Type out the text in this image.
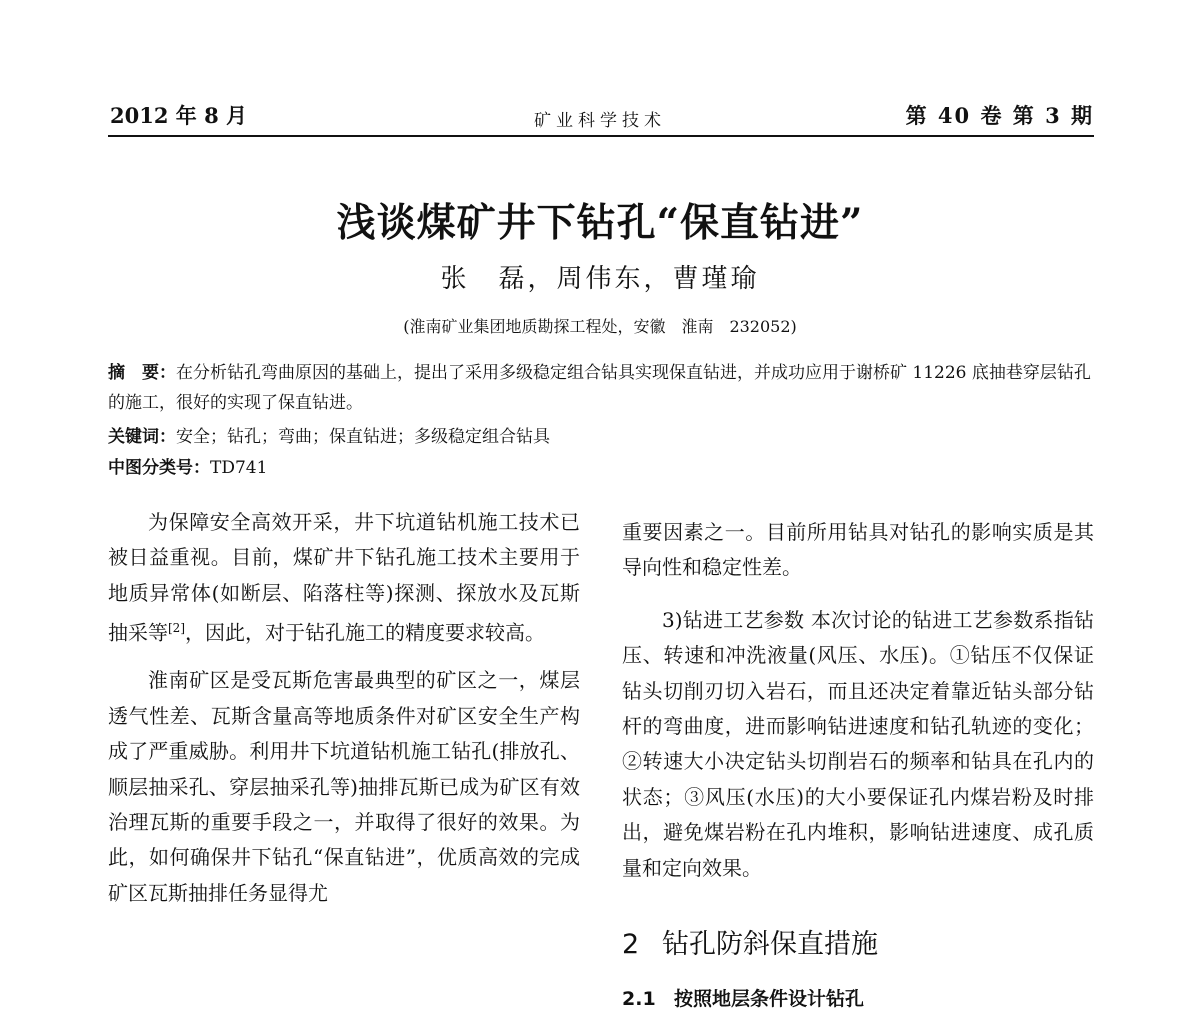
2012 年 8 月	矿业科学技术	第 40 卷 第 3 期
浅谈煤矿井下钻孔“保直钻进”
张　磊，周伟东，曹瑾瑜
(淮南矿业集团地质勘探工程处，安徽　淮南　232052)
摘　要：在分析钻孔弯曲原因的基础上，提出了采用多级稳定组合钻具实现保直钻进，并成功应用于谢桥矿 11226 底抽巷穿层钻孔的施工，很好的实现了保直钻进。
关键词：安全；钻孔；弯曲；保直钻进；多级稳定组合钻具
中图分类号：TD741

为保障安全高效开采，井下坑道钻机施工技术已被日益重视。目前，煤矿井下钻孔施工技术主要用于地质异常体(如断层、陷落柱等)探测、探放水及瓦斯抽采等[2]，因此，对于钻孔施工的精度要求较高。

淮南矿区是受瓦斯危害最典型的矿区之一，煤层透气性差、瓦斯含量高等地质条件对矿区安全生产构成了严重威胁。利用井下坑道钻机施工钻孔(排放孔、顺层抽采孔、穿层抽采孔等)抽排瓦斯已成为矿区有效治理瓦斯的重要手段之一，并取得了很好的效果。为此，如何确保井下钻孔“保直钻进”，优质高效的完成矿区瓦斯抽排任务显得尤

重要因素之一。目前所用钻具对钻孔的影响实质是其导向性和稳定性差。

3)钻进工艺参数 本次讨论的钻进工艺参数系指钻压、转速和冲洗液量(风压、水压)。①钻压不仅保证钻头切削刃切入岩石，而且还决定着靠近钻头部分钻杆的弯曲度，进而影响钻进速度和钻孔轨迹的变化；②转速大小决定钻头切削岩石的频率和钻具在孔内的状态；③风压(水压)的大小要保证孔内煤岩粉及时排出，避免煤岩粉在孔内堆积，影响钻进速度、成孔质量和定向效果。

2 钻孔防斜保直措施
2.1 按照地层条件设计钻孔
